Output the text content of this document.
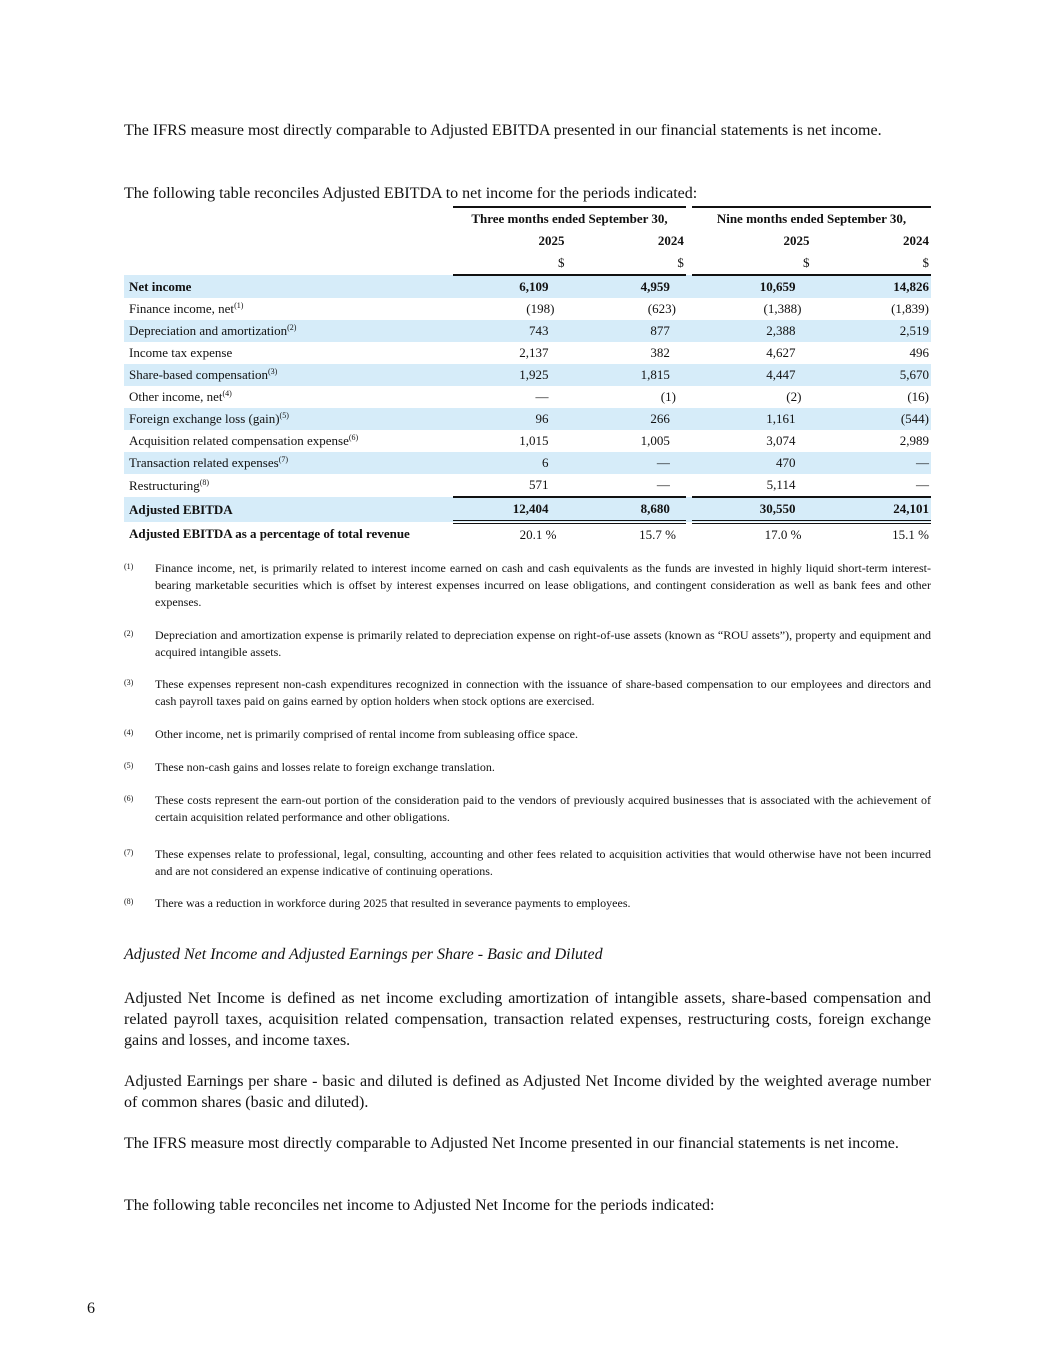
The IFRS measure most directly comparable to Adjusted EBITDA presented in our financial statements is net income.

The following table reconciles Adjusted EBITDA to net income for the periods indicated:

	Three months ended September 30,			Nine months ended September 30,	
	2025	2024		2025	2024
	$	$		$	$
Net income	6,109	4,959		10,659	14,826
Finance income, net$^{(1)}$	(198)	(623)		(1,388)	(1,839)
Depreciation and amortization$^{(2)}$	743	877		2,388	2,519
Income tax expense	2,137	382		4,627	496
Share-based compensation$^{(3)}$	1,925	1,815		4,447	5,670
Other income, net$^{(4)}$	—	(1)		(2)	(16)
Foreign exchange loss (gain)$^{(5)}$	96	266		1,161	(544)
Acquisition related compensation expense$^{(6)}$	1,015	1,005		3,074	2,989
Transaction related expenses$^{(7)}$	6	—		470	—
Restructuring$^{(8)}$	571	—		5,114	—
Adjusted EBITDA	12,404	8,680		30,550	24,101
Adjusted EBITDA as a percentage of total revenue	20.1 %	15.7 %		17.0 %	15.1 %
(1) Finance income, net, is primarily related to interest income earned on cash and cash equivalents as the funds are invested in highly liquid short-term interest-bearing marketable securities which is offset by interest expenses incurred on lease obligations, and contingent consideration as well as bank fees and other expenses.
(2) Depreciation and amortization expense is primarily related to depreciation expense on right-of-use assets (known as “ROU assets”), property and equipment and acquired intangible assets.
(3) These expenses represent non-cash expenditures recognized in connection with the issuance of share-based compensation to our employees and directors and cash payroll taxes paid on gains earned by option holders when stock options are exercised.
(4) Other income, net is primarily comprised of rental income from subleasing office space.
(5) These non-cash gains and losses relate to foreign exchange translation.
(6) These costs represent the earn-out portion of the consideration paid to the vendors of previously acquired businesses that is associated with the achievement of certain acquisition related performance and other obligations.
(7) These expenses relate to professional, legal, consulting, accounting and other fees related to acquisition activities that would otherwise have not been incurred and are not considered an expense indicative of continuing operations.
(8) There was a reduction in workforce during 2025 that resulted in severance payments to employees.
Adjusted Net Income and Adjusted Earnings per Share - Basic and Diluted

Adjusted Net Income is defined as net income excluding amortization of intangible assets, share-based compensation and related payroll taxes, acquisition related compensation, transaction related expenses, restructuring costs, foreign exchange gains and losses, and income taxes.

Adjusted Earnings per share - basic and diluted is defined as Adjusted Net Income divided by the weighted average number of common shares (basic and diluted).

The IFRS measure most directly comparable to Adjusted Net Income presented in our financial statements is net income.

The following table reconciles net income to Adjusted Net Income for the periods indicated:

6
